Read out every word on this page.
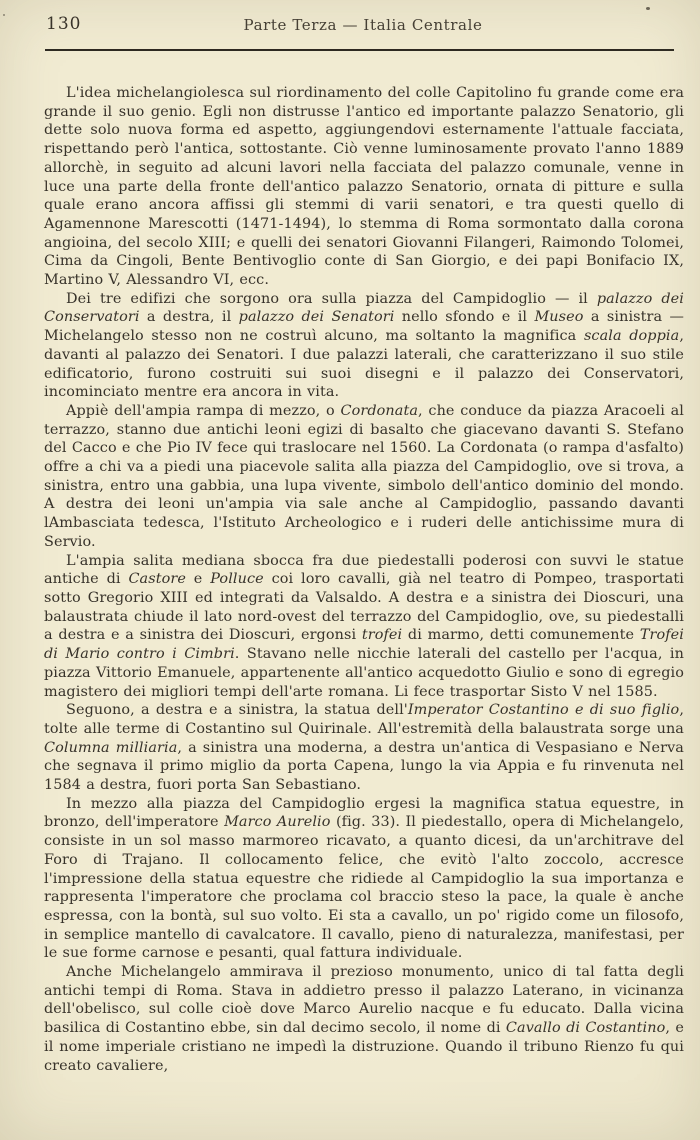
130	Parte Terza — Italia Centrale

L'idea michelangiolesca sul riordinamento del colle Capitolino fu grande come era grande il suo genio. Egli non distrusse l'antico ed importante palazzo Senatorio, gli dette solo nuova forma ed aspetto, aggiungendovi esternamente l'attuale facciata, rispettando però l'antica, sottostante. Ciò venne luminosamente provato l'anno 1889 allorchè, in seguito ad alcuni lavori nella facciata del palazzo comunale, venne in luce una parte della fronte dell'antico palazzo Senatorio, ornata di pitture e sulla quale erano ancora affissi gli stemmi di varii senatori, e tra questi quello di Agamennone Marescotti (1471-1494), lo stemma di Roma sormontato dalla corona angioina, del secolo XIII; e quelli dei senatori Giovanni Filangeri, Raimondo Tolomei, Cima da Cingoli, Bente Bentivoglio conte di San Giorgio, e dei papi Bonifacio IX, Martino V, Alessandro VI, ecc.

Dei tre edifizi che sorgono ora sulla piazza del Campidoglio — il palazzo dei Conservatori a destra, il palazzo dei Senatori nello sfondo e il Museo a sinistra — Michelangelo stesso non ne costruì alcuno, ma soltanto la magnifica scala doppia, davanti al palazzo dei Senatori. I due palazzi laterali, che caratterizzano il suo stile edificatorio, furono costruiti sui suoi disegni e il palazzo dei Conservatori, incominciato mentre era ancora in vita.

Appiè dell'ampia rampa di mezzo, o Cordonata, che conduce da piazza Aracoeli al terrazzo, stanno due antichi leoni egizi di basalto che giacevano davanti S. Stefano del Cacco e che Pio IV fece qui traslocare nel 1560. La Cordonata (o rampa d'asfalto) offre a chi va a piedi una piacevole salita alla piazza del Campidoglio, ove si trova, a sinistra, entro una gabbia, una lupa vivente, simbolo dell'antico dominio del mondo. A destra dei leoni un'ampia via sale anche al Campidoglio, passando davanti lAmbasciata tedesca, l'Istituto Archeologico e i ruderi delle antichissime mura di Servio.

L'ampia salita mediana sbocca fra due piedestalli poderosi con suvvi le statue antiche di Castore e Polluce coi loro cavalli, già nel teatro di Pompeo, trasportati sotto Gregorio XIII ed integrati da Valsaldo. A destra e a sinistra dei Dioscuri, una balaustrata chiude il lato nord-ovest del terrazzo del Campidoglio, ove, su piedestalli a destra e a sinistra dei Dioscuri, ergonsi trofei di marmo, detti comunemente Trofei di Mario contro i Cimbri. Stavano nelle nicchie laterali del castello per l'acqua, in piazza Vittorio Emanuele, appartenente all'antico acquedotto Giulio e sono di egregio magistero dei migliori tempi dell'arte romana. Li fece trasportar Sisto V nel 1585.

Seguono, a destra e a sinistra, la statua dell'Imperator Costantino e di suo figlio, tolte alle terme di Costantino sul Quirinale. All'estremità della balaustrata sorge una Columna milliaria, a sinistra una moderna, a destra un'antica di Vespasiano e Nerva che segnava il primo miglio da porta Capena, lungo la via Appia e fu rinvenuta nel 1584 a destra, fuori porta San Sebastiano.

In mezzo alla piazza del Campidoglio ergesi la magnifica statua equestre, in bronzo, dell'imperatore Marco Aurelio (fig. 33). Il piedestallo, opera di Michelangelo, consiste in un sol masso marmoreo ricavato, a quanto dicesi, da un'architrave del Foro di Trajano. Il collocamento felice, che evitò l'alto zoccolo, accresce l'impressione della statua equestre che ridiede al Campidoglio la sua importanza e rappresenta l'imperatore che proclama col braccio steso la pace, la quale è anche espressa, con la bontà, sul suo volto. Ei sta a cavallo, un po' rigido come un filosofo, in semplice mantello di cavalcatore. Il cavallo, pieno di naturalezza, manifestasi, per le sue forme carnose e pesanti, qual fattura individuale.

Anche Michelangelo ammirava il prezioso monumento, unico di tal fatta degli antichi tempi di Roma. Stava in addietro presso il palazzo Laterano, in vicinanza dell'obelisco, sul colle cioè dove Marco Aurelio nacque e fu educato. Dalla vicina basilica di Costantino ebbe, sin dal decimo secolo, il nome di Cavallo di Costantino, e il nome imperiale cristiano ne impedì la distruzione. Quando il tribuno Rienzo fu qui creato cavaliere,
